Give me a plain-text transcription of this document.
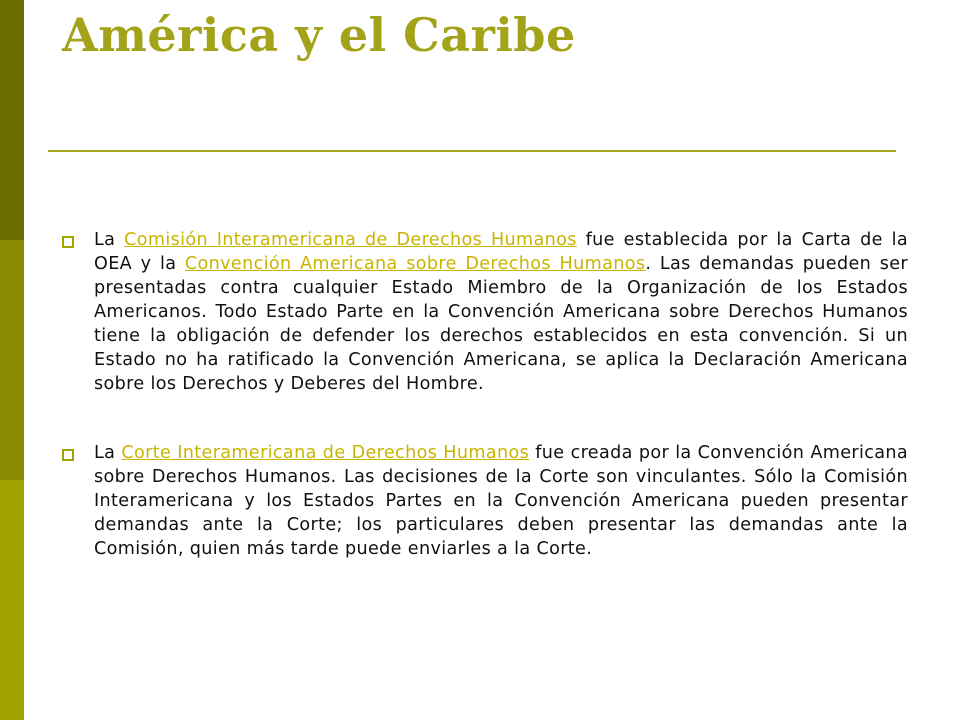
América y el Caribe

La Comisión Interamericana de Derechos Humanos fue establecida por la Carta de la OEA y la Convención Americana sobre Derechos Humanos. Las demandas pueden ser presentadas contra cualquier Estado Miembro de la Organización de los Estados Americanos. Todo Estado Parte en la Convención Americana sobre Derechos Humanos tiene la obligación de defender los derechos establecidos en esta convención. Si un Estado no ha ratificado la Convención Americana, se aplica la Declaración Americana sobre los Derechos y Deberes del Hombre.

La Corte Interamericana de Derechos Humanos fue creada por la Convención Americana sobre Derechos Humanos. Las decisiones de la Corte son vinculantes. Sólo la Comisión Interamericana y los Estados Partes en la Convención Americana pueden presentar demandas ante la Corte; los particulares deben presentar las demandas ante la Comisión, quien más tarde puede enviarles a la Corte.
